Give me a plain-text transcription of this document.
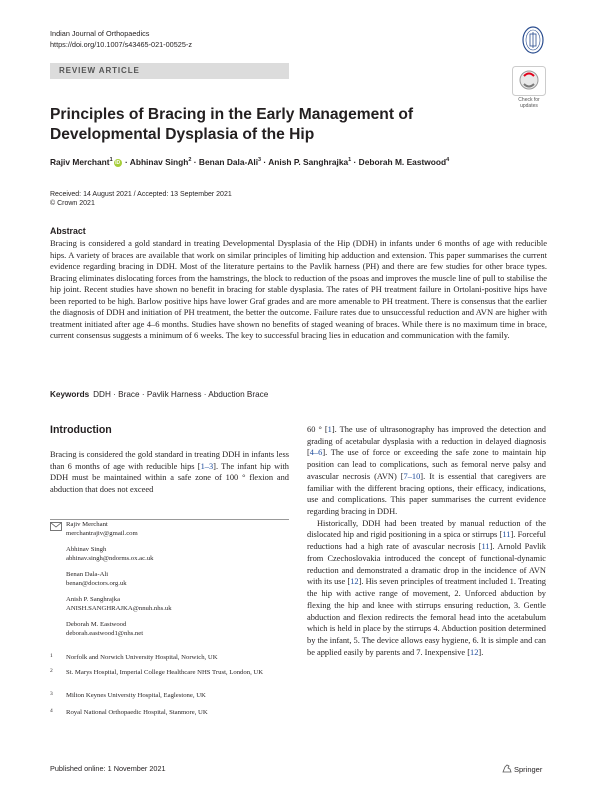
Indian Journal of Orthopaedics
https://doi.org/10.1007/s43465-021-00525-z
REVIEW ARTICLE
Check for
updates
Principles of Bracing in the Early Management of Developmental Dysplasia of the Hip
Rajiv Merchant$^1$ iD · Abhinav Singh$^2$ · Benan Dala-Ali$^3$ · Anish P. Sanghrajka$^1$ · Deborah M. Eastwood$^4$
Received: 14 August 2021 / Accepted: 13 September 2021
© Crown 2021
Abstract
Bracing is considered a gold standard in treating Developmental Dysplasia of the Hip (DDH) in infants under 6 months of age with reducible hips. A variety of braces are available that work on similar principles of limiting hip adduction and extension. This paper summarises the current evidence regarding bracing in DDH. Most of the literature pertains to the Pavlik harness (PH) and there are few studies for other brace types. Bracing eliminates dislocating forces from the hamstrings, the block to reduction of the psoas and improves the muscle line of pull to stabilise the hip joint. Recent studies have shown no benefit in bracing for stable dysplasia. The rates of PH treatment failure in Ortolani-positive hips have been reported to be high. Barlow positive hips have lower Graf grades and are more amenable to PH treatment. There is consensus that the earlier the diagnosis of DDH and initiation of PH treatment, the better the outcome. Failure rates due to unsuccessful reduction and AVN are higher with treatment initiated after age 4–6 months. Studies have shown no benefits of staged weaning of braces. While there is no maximum time in brace, current consensus suggests a minimum of 6 weeks. The key to successful bracing lies in education and communication with the family.
Keywords DDH · Brace · Pavlik Harness · Abduction Brace
Introduction

Bracing is considered the gold standard in treating DDH in infants less than 6 months of age with reducible hips [1–3]. The infant hip with DDH must be maintained within a safe zone of 100 ° flexion and abduction that does not exceed

Rajiv Merchant
merchantrajiv@gmail.com
Abhinav Singh
abhinav.singh@ndorms.ox.ac.uk
Benan Dala-Ali
benan@doctors.org.uk
Anish P. Sanghrajka
ANISH.SANGHRAJKA@nnuh.nhs.uk
Deborah M. Eastwood
deborah.eastwood1@nhs.net
1 Norfolk and Norwich University Hospital, Norwich, UK
2 St. Marys Hospital, Imperial College Healthcare NHS Trust, London, UK
3 Milton Keynes University Hospital, Eaglestone, UK
4 Royal National Orthopaedic Hospital, Stanmore, UK

60 ° [1]. The use of ultrasonography has improved the detection and grading of acetabular dysplasia with a reduction in delayed diagnosis [4–6]. The use of force or exceeding the safe zone to maintain hip position can lead to complications, such as femoral nerve palsy and avascular necrosis (AVN) [7–10]. It is essential that caregivers are familiar with the different bracing options, their efficacy, indications, use and complications. This paper summarises the current evidence regarding bracing in DDH.

Historically, DDH had been treated by manual reduction of the dislocated hip and rigid positioning in a spica or stirrups [11]. Forceful reductions had a high rate of avascular necrosis [11]. Arnold Pavlik from Czechoslovakia introduced the concept of functional-dynamic reduction and demonstrated a dramatic drop in the incidence of AVN with its use [12]. His seven principles of treatment included 1. Treating the hip with active range of movement, 2. Unforced abduction by flexing the hip and knee with stirrups ensuring reduction, 3. Gentle abduction and flexion redirects the femoral head into the acetabulum which is held in place by the stirrups 4. Abduction position determined by the infant, 5. The device allows easy hygiene, 6. It is simple and can be applied easily by parents and 7. Inexpensive [12].

Published online: 1 November 2021	Springer
